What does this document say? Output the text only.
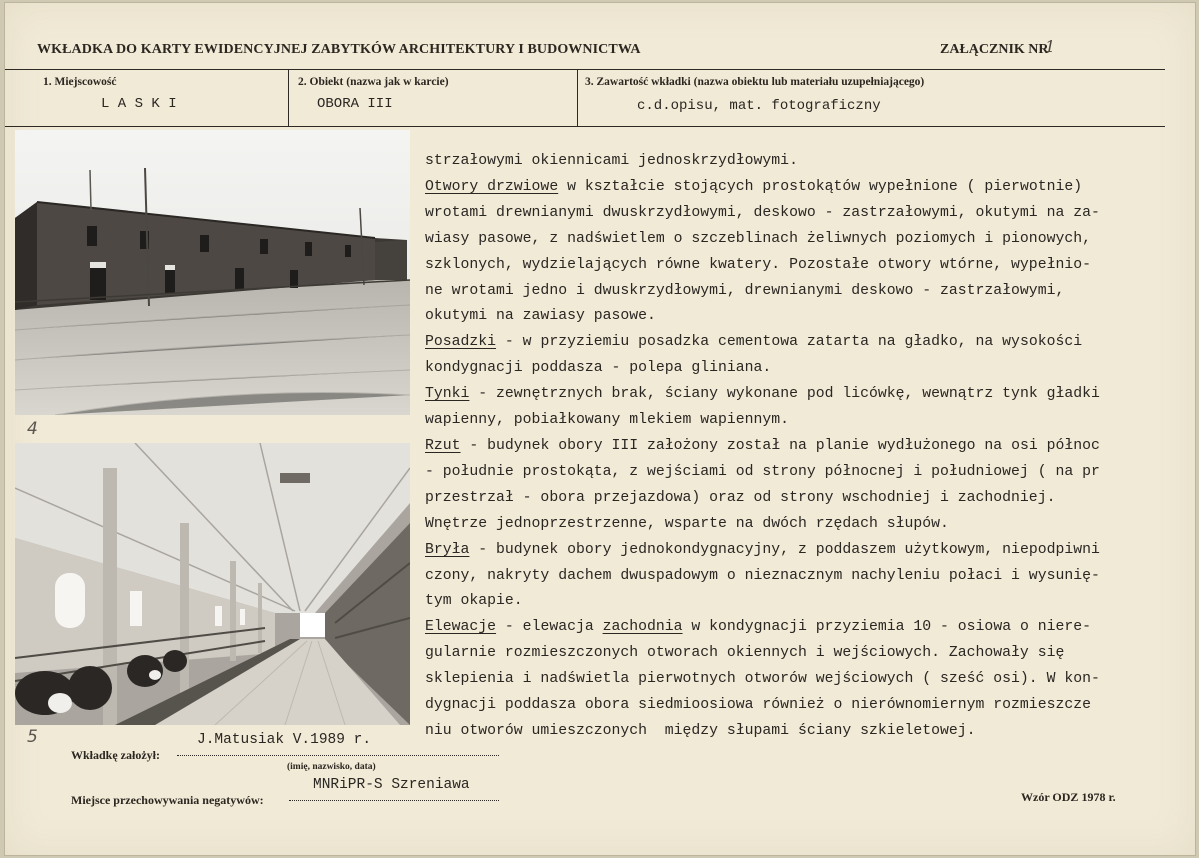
WKŁADKA DO KARTY EWIDENCYJNEJ ZABYTKÓW ARCHITEKTURY I BUDOWNICTWA	ZAŁĄCZNIK NR
1
1. Miejscowość
L A S K I
2. Obiekt (nazwa jak w karcie)
OBORA III
3. Zawartość wkładki (nazwa obiektu lub materiału uzupełniającego)
c.d.opisu, mat. fotograficzny
4
5
strzałowymi okiennicami jednoskrzydłowymi.
Otwory drzwiowe w kształcie stojących prostokątów wypełnione ( pierwotnie)
wrotami drewnianymi dwuskrzydłowymi, deskowo - zastrzałowymi, okutymi na za-
wiasy pasowe, z nadświetlem o szczeblinach żeliwnych poziomych i pionowych,
szklonych, wydzielających równe kwatery. Pozostałe otwory wtórne, wypełnio-
ne wrotami jedno i dwuskrzydłowymi, drewnianymi deskowo - zastrzałowymi,
okutymi na zawiasy pasowe.
Posadzki - w przyziemiu posadzka cementowa zatarta na gładko, na wysokości
kondygnacji poddasza - polepa gliniana.
Tynki - zewnętrznych brak, ściany wykonane pod licówkę, wewnątrz tynk gładki
wapienny, pobiałkowany mlekiem wapiennym.
Rzut - budynek obory III założony został na planie wydłużonego na osi północ
- południe prostokąta, z wejściami od strony północnej i południowej ( na pr
przestrzał - obora przejazdowa) oraz od strony wschodniej i zachodniej.
Wnętrze jednoprzestrzenne, wsparte na dwóch rzędach słupów.
Bryła - budynek obory jednokondygnacyjny, z poddaszem użytkowym, niepodpiwni
czony, nakryty dachem dwuspadowym o nieznacznym nachyleniu połaci i wysunię-
tym okapie.
Elewacje - elewacja zachodnia w kondygnacji przyziemia 10 - osiowa o niere-
gularnie rozmieszczonych otworach okiennych i wejściowych. Zachowały się
sklepienia i nadświetla pierwotnych otworów wejściowych ( sześć osi). W kon-
dygnacji poddasza obora siedmioosiowa również o nierównomiernym rozmieszcze
niu otworów umieszczonych  między słupami ściany szkieletowej.
Wkładkę założył:
J.Matusiak V.1989 r.
(imię, nazwisko, data)
Miejsce przechowywania negatywów:
MNRiPR-S Szreniawa
Wzór ODZ 1978 r.
